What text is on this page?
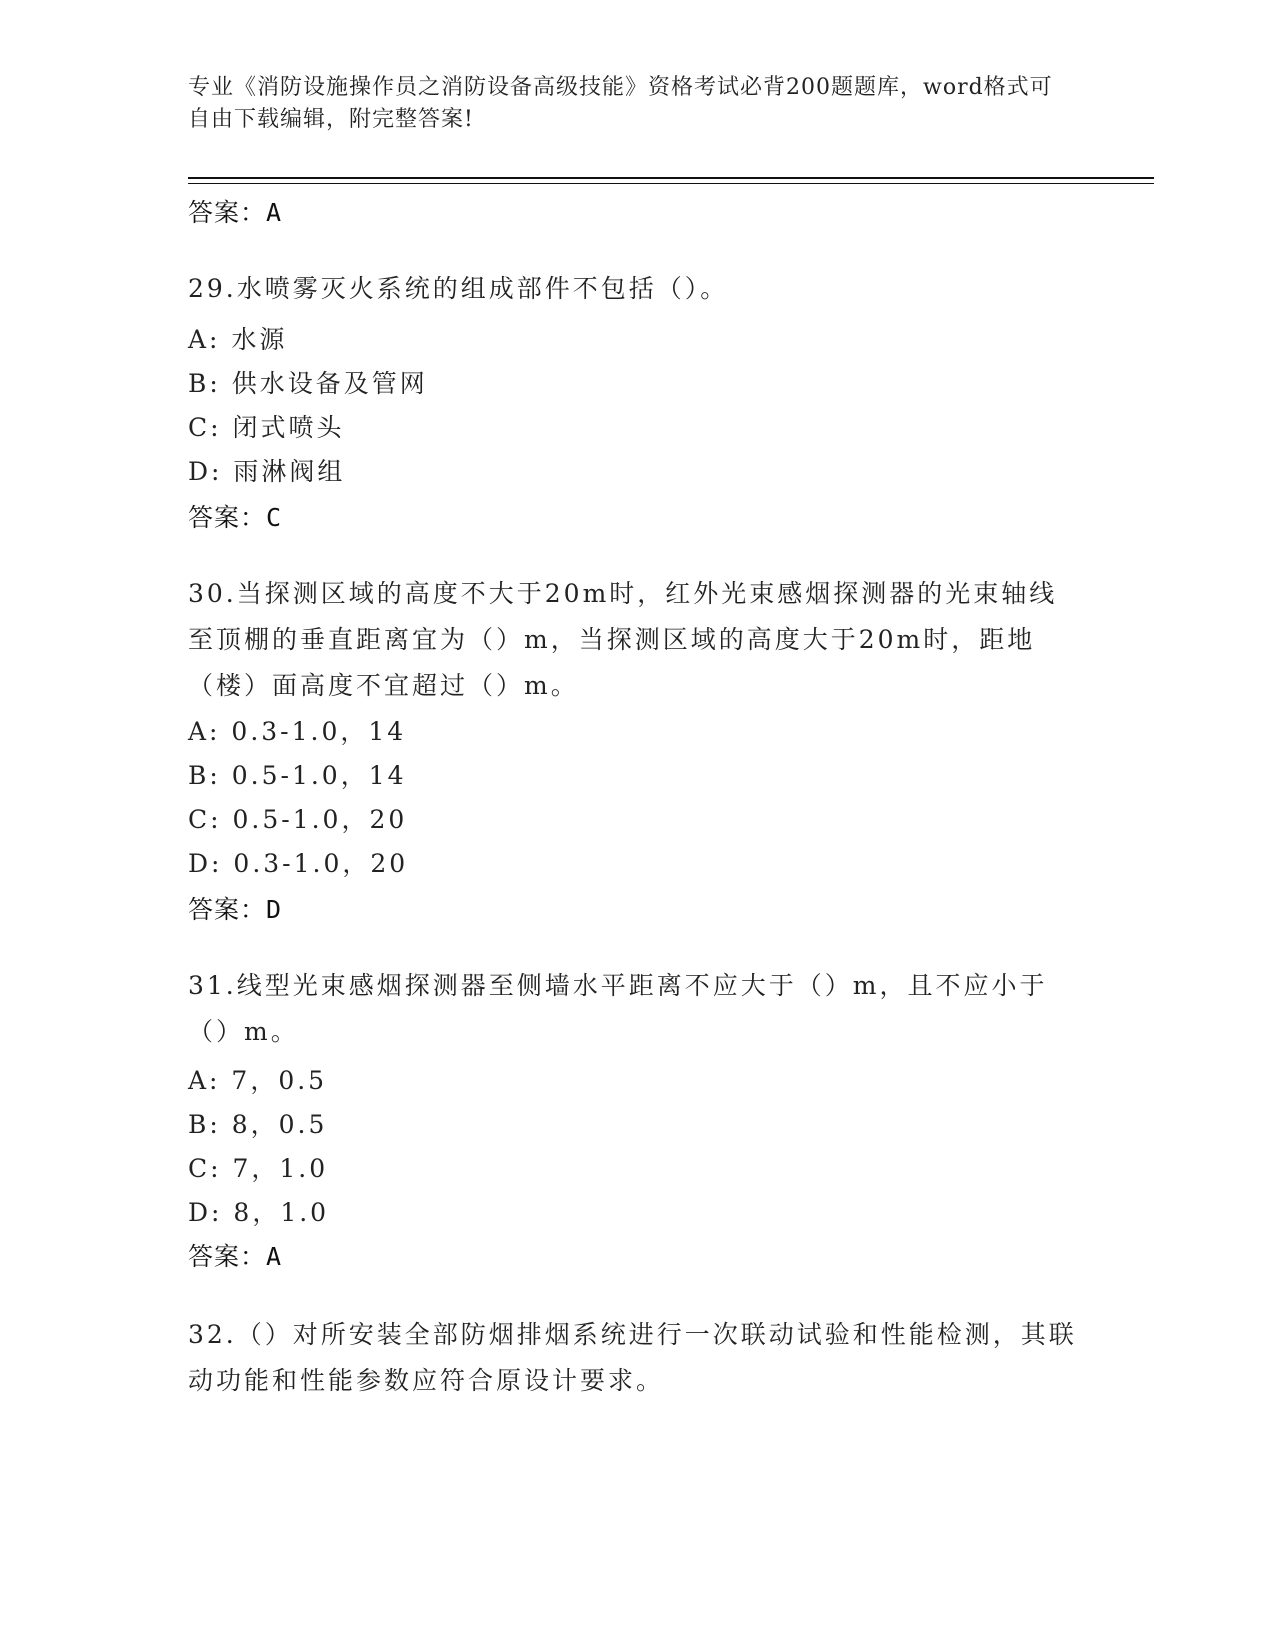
专业《消防设施操作员之消防设备高级技能》资格考试必背200题题库，word格式可自由下载编辑，附完整答案!
答案：A
29.水喷雾灭火系统的组成部件不包括（）。
A: 水源
B: 供水设备及管网
C: 闭式喷头
D: 雨淋阀组
答案：C
30.当探测区域的高度不大于20m时，红外光束感烟探测器的光束轴线至顶棚的垂直距离宜为（）m，当探测区域的高度大于20m时，距地（楼）面高度不宜超过（）m。
A: 0.3-1.0，14
B: 0.5-1.0，14
C: 0.5-1.0，20
D: 0.3-1.0，20
答案：D
31.线型光束感烟探测器至侧墙水平距离不应大于（）m，且不应小于（）m。
A: 7，0.5
B: 8，0.5
C: 7，1.0
D: 8，1.0
答案：A
32.（）对所安装全部防烟排烟系统进行一次联动试验和性能检测，其联动功能和性能参数应符合原设计要求。
